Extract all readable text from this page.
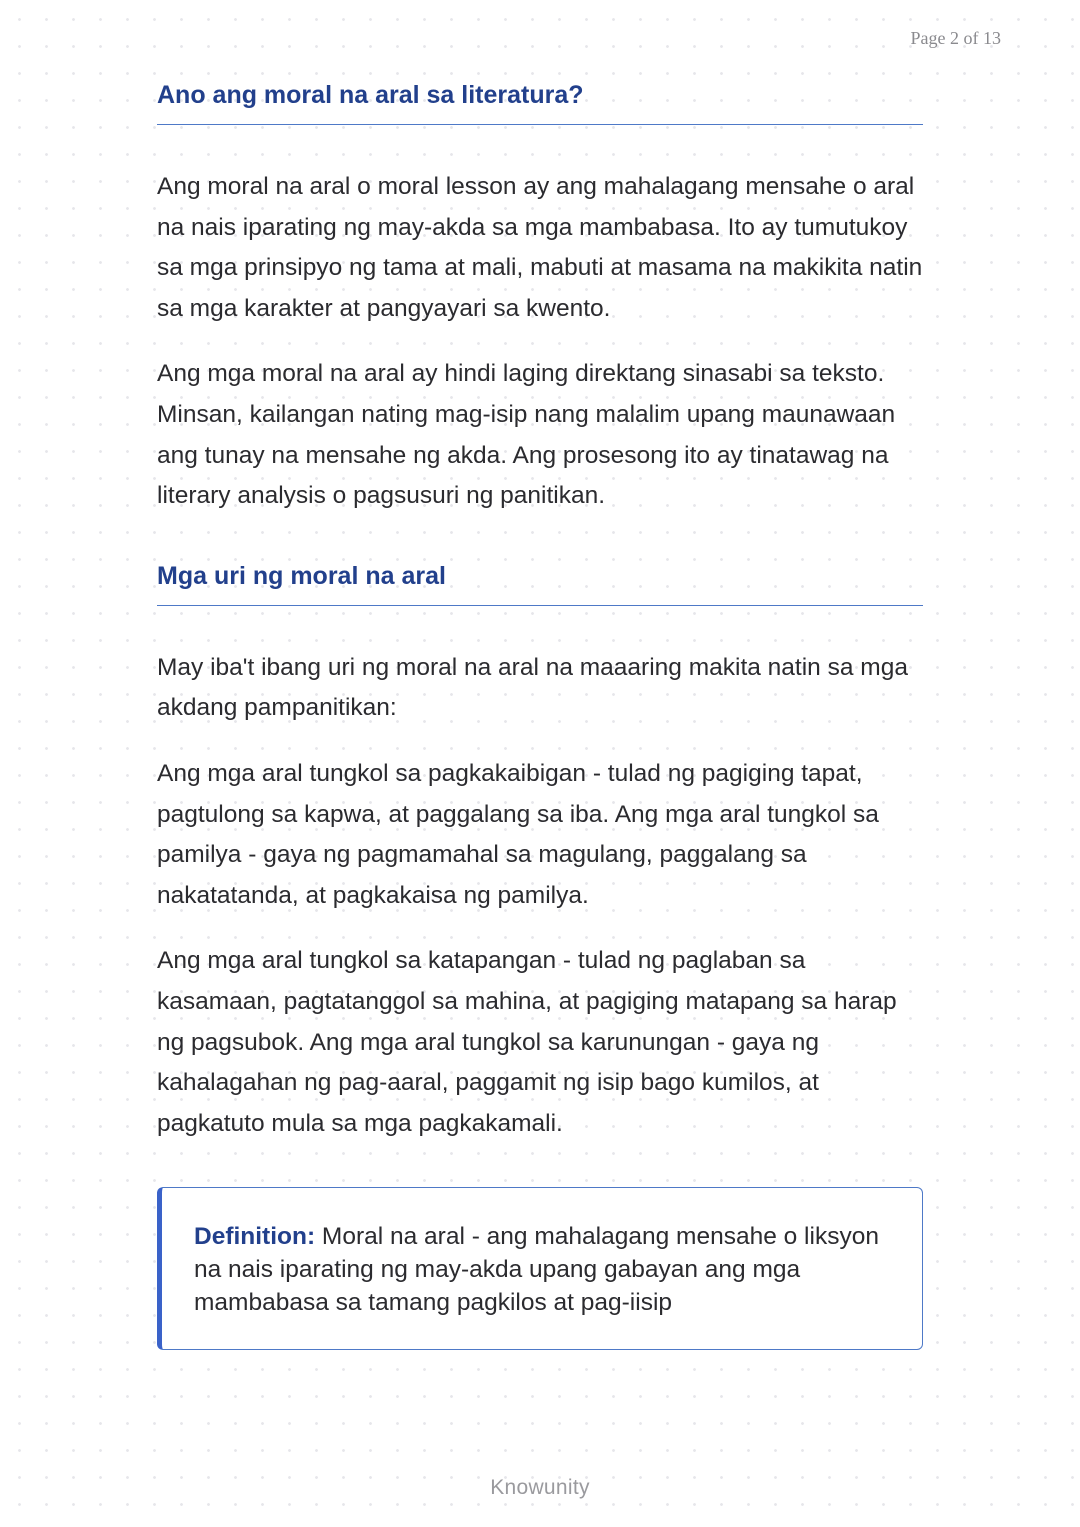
Page 2 of 13
Ano ang moral na aral sa literatura?

Ang moral na aral o moral lesson ay ang mahalagang mensahe o aral na nais iparating ng may-akda sa mga mambabasa. Ito ay tumutukoy sa mga prinsipyo ng tama at mali, mabuti at masama na makikita natin sa mga karakter at pangyayari sa kwento.

Ang mga moral na aral ay hindi laging direktang sinasabi sa teksto. Minsan, kailangan nating mag-isip nang malalim upang maunawaan ang tunay na mensahe ng akda. Ang prosesong ito ay tinatawag na literary analysis o pagsusuri ng panitikan.

Mga uri ng moral na aral

May iba't ibang uri ng moral na aral na maaaring makita natin sa mga akdang pampanitikan:

Ang mga aral tungkol sa pagkakaibigan - tulad ng pagiging tapat, pagtulong sa kapwa, at paggalang sa iba. Ang mga aral tungkol sa pamilya - gaya ng pagmamahal sa magulang, paggalang sa nakatatanda, at pagkakaisa ng pamilya.

Ang mga aral tungkol sa katapangan - tulad ng paglaban sa kasamaan, pagtatanggol sa mahina, at pagiging matapang sa harap ng pagsubok. Ang mga aral tungkol sa karunungan - gaya ng kahalagahan ng pag-aaral, paggamit ng isip bago kumilos, at pagkatuto mula sa mga pagkakamali.

Definition: Moral na aral - ang mahalagang mensahe o liksyon na nais iparating ng may-akda upang gabayan ang mga mambabasa sa tamang pagkilos at pag-iisip
Knowunity
